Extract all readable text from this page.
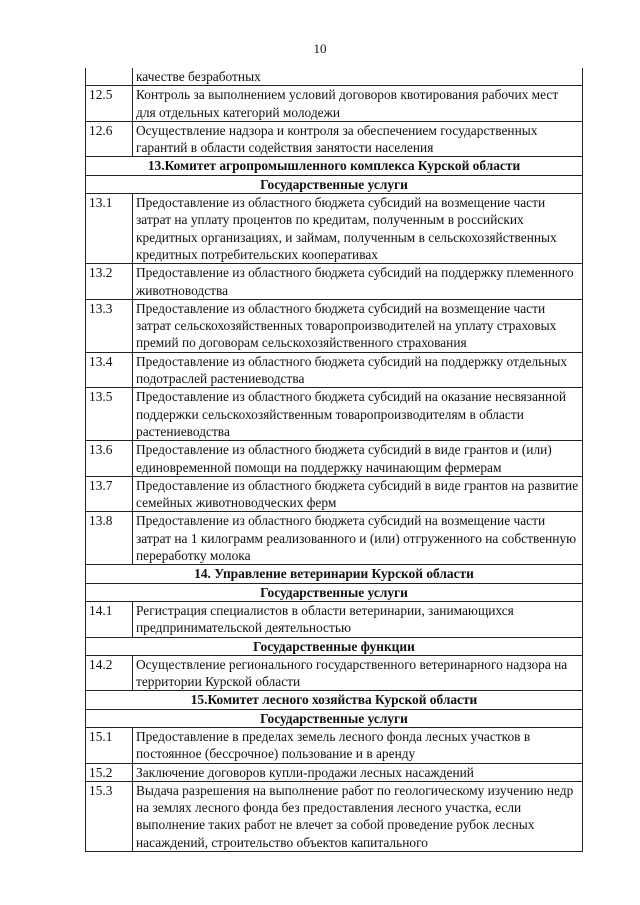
10
	качестве безработных
12.5	Контроль за выполнением условий договоров квотирования рабочих мест для отдельных категорий молодежи
12.6	Осуществление надзора и контроля за обеспечением государственных гарантий в области содействия занятости населения
13.Комитет агропромышленного комплекса Курской области	
Государственные услуги	
13.1	Предоставление из областного бюджета субсидий на возмещение части затрат на уплату процентов по кредитам, полученным в российских кредитных организациях, и займам, полученным в сельскохозяйственных кредитных потребительских кооперативах
13.2	Предоставление из областного бюджета субсидий на поддержку племенного животноводства
13.3	Предоставление из областного бюджета субсидий на возмещение части затрат сельскохозяйственных товаропроизводителей на уплату страховых премий по договорам сельскохозяйственного страхования
13.4	Предоставление из областного бюджета субсидий на поддержку отдельных подотраслей растениеводства
13.5	Предоставление из областного бюджета субсидий на оказание несвязанной поддержки сельскохозяйственным товаропроизводителям в области растениеводства
13.6	Предоставление из областного бюджета субсидий в виде грантов и (или) единовременной помощи на поддержку начинающим фермерам
13.7	Предоставление из областного бюджета субсидий в виде грантов на развитие семейных животноводческих ферм
13.8	Предоставление из областного бюджета субсидий на возмещение части затрат на 1 килограмм реализованного и (или) отгруженного на собственную переработку молока
14. Управление ветеринарии Курской области	
Государственные услуги	
14.1	Регистрация специалистов в области ветеринарии, занимающихся предпринимательской деятельностью
Государственные функции	
14.2	Осуществление регионального государственного ветеринарного надзора на территории Курской области
15.Комитет лесного хозяйства Курской области	
Государственные услуги	
15.1	Предоставление в пределах земель лесного фонда лесных участков в постоянное (бессрочное) пользование и в аренду
15.2	Заключение договоров купли-продажи лесных насаждений
15.3	Выдача разрешения на выполнение работ по геологическому изучению недр на землях лесного фонда без предоставления лесного участка, если выполнение таких работ не влечет за собой проведение рубок лесных насаждений, строительство объектов капитального
